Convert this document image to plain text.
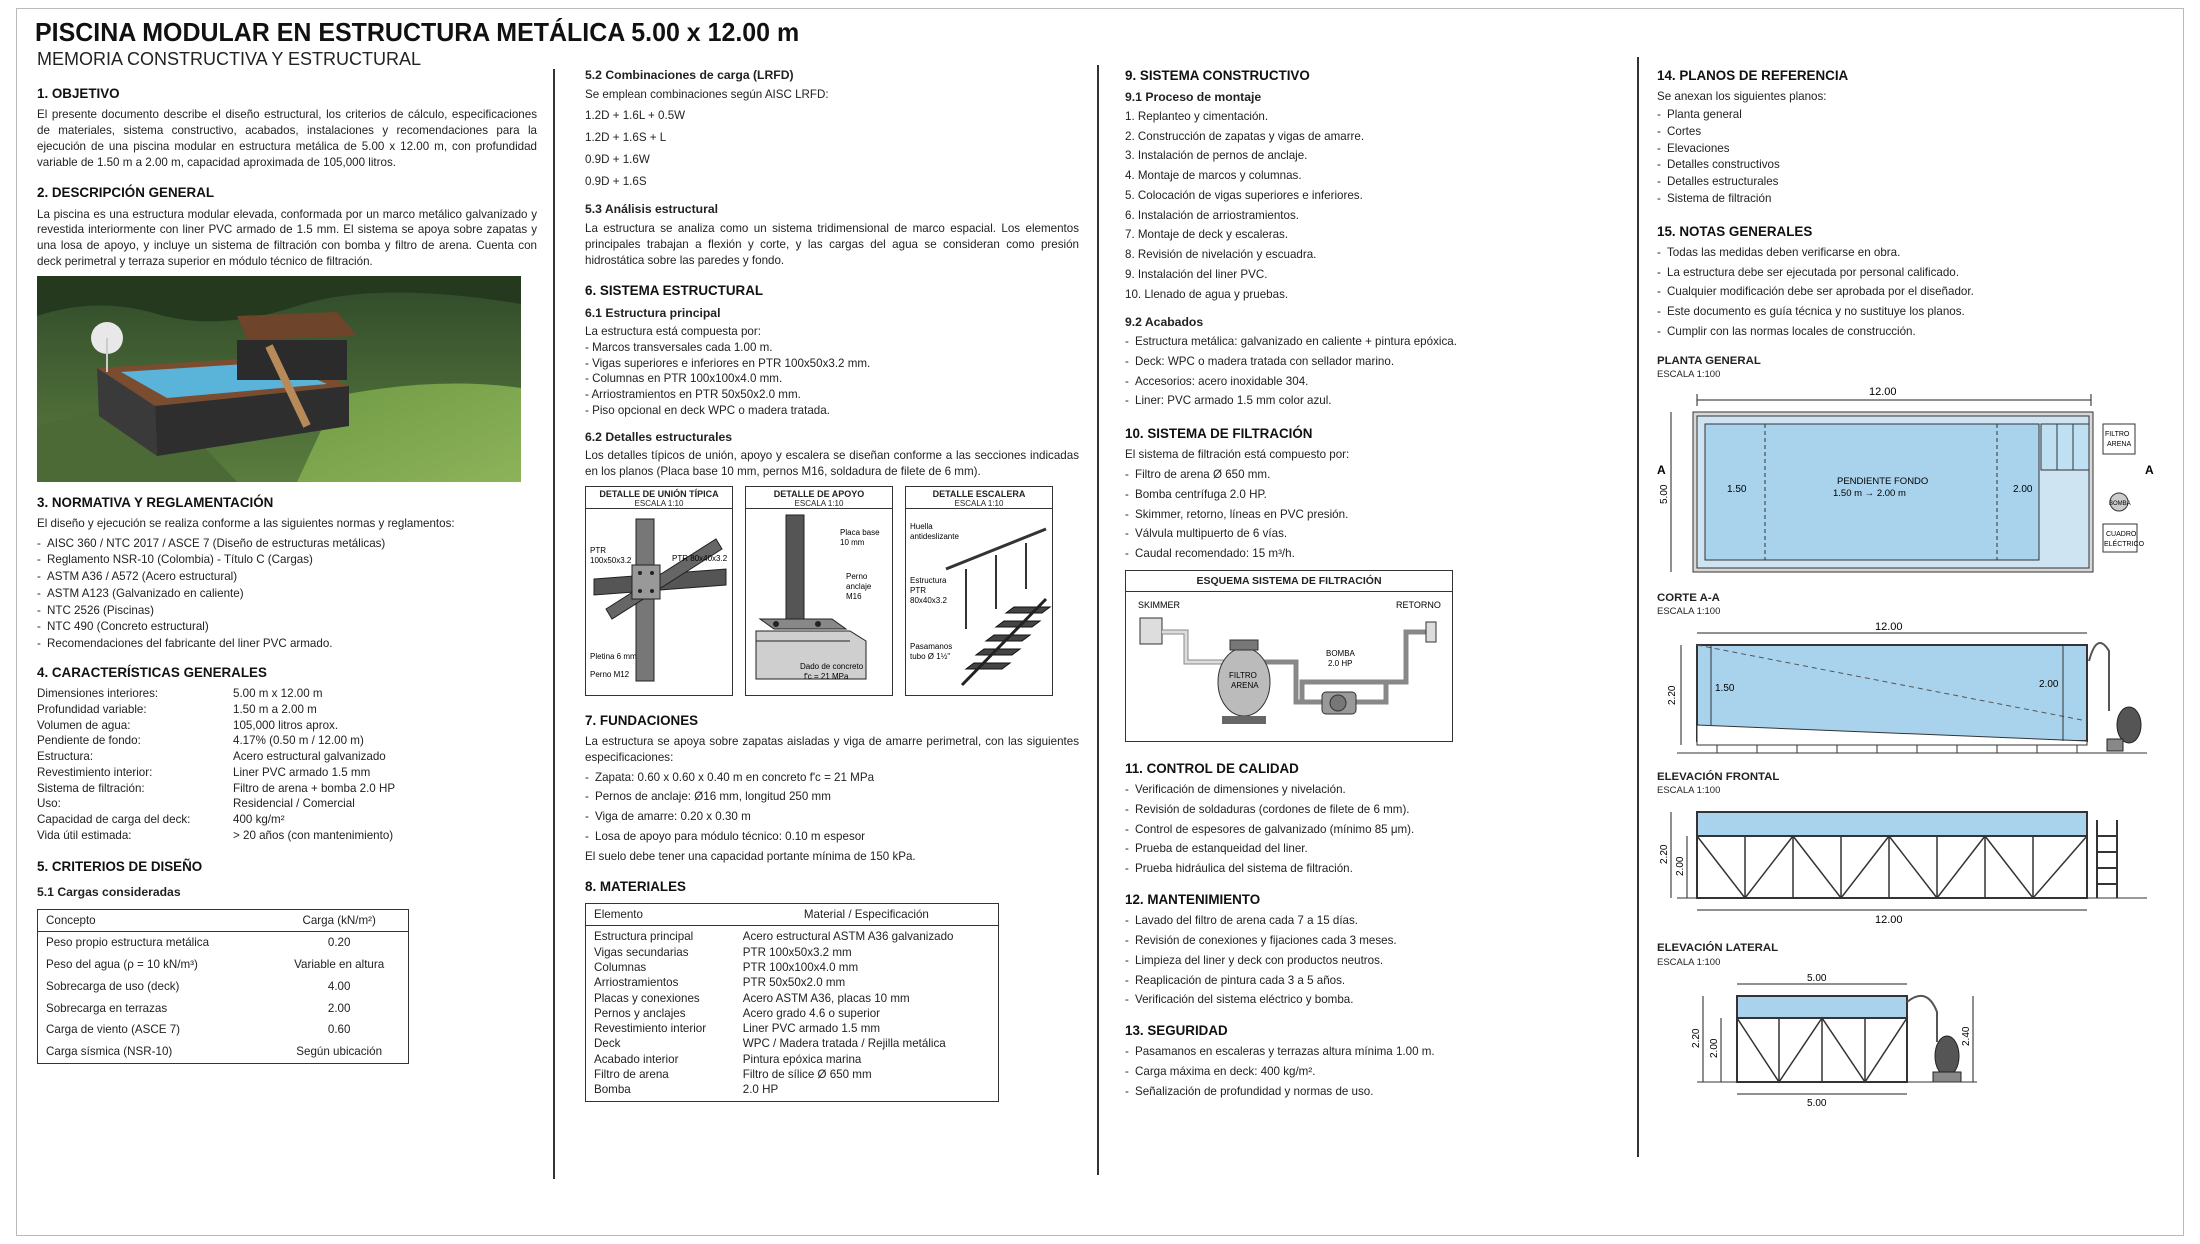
PISCINA MODULAR EN ESTRUCTURA METÁLICA 5.00 x 12.00 m
MEMORIA CONSTRUCTIVA Y ESTRUCTURAL
1. OBJETIVO

El presente documento describe el diseño estructural, los criterios de cálculo, especificaciones de materiales, sistema constructivo, acabados, instalaciones y recomendaciones para la ejecución de una piscina modular en estructura metálica de 5.00 x 12.00 m, con profundidad variable de 1.50 m a 2.00 m, capacidad aproximada de 105,000 litros.

2. DESCRIPCIÓN GENERAL

La piscina es una estructura modular elevada, conformada por un marco metálico galvanizado y revestida interiormente con liner PVC armado de 1.5 mm. El sistema se apoya sobre zapatas y una losa de apoyo, y incluye un sistema de filtración con bomba y filtro de arena. Cuenta con deck perimetral y terraza superior en módulo técnico de filtración.

3. NORMATIVA Y REGLAMENTACIÓN

El diseño y ejecución se realiza conforme a las siguientes normas y reglamentos:

- AISC 360 / NTC 2017 / ASCE 7 (Diseño de estructuras metálicas)
- Reglamento NSR-10 (Colombia) - Título C (Cargas)
- ASTM A36 / A572 (Acero estructural)
- ASTM A123 (Galvanizado en caliente)
- NTC 2526 (Piscinas)
- NTC 490 (Concreto estructural)
- Recomendaciones del fabricante del liner PVC armado.
4. CARACTERÍSTICAS GENERALES
Dimensiones interiores:	5.00 m x 12.00 m
Profundidad variable:	1.50 m a 2.00 m
Volumen de agua:	105,000 litros aprox.
Pendiente de fondo:	4.17% (0.50 m / 12.00 m)
Estructura:	Acero estructural galvanizado
Revestimiento interior:	Liner PVC armado 1.5 mm
Sistema de filtración:	Filtro de arena + bomba 2.0 HP
Uso:	Residencial / Comercial
Capacidad de carga del deck:	400 kg/m²
Vida útil estimada:	> 20 años (con mantenimiento)
5. CRITERIOS DE DISEÑO
5.1 Cargas consideradas
Concepto	Carga (kN/m²)
Peso propio estructura metálica	0.20
Peso del agua (ρ = 10 kN/m³)	Variable en altura
Sobrecarga de uso (deck)	4.00
Sobrecarga en terrazas	2.00
Carga de viento (ASCE 7)	0.60
Carga sísmica (NSR-10)	Según ubicación
5.2 Combinaciones de carga (LRFD)

Se emplean combinaciones según AISC LRFD:

1.2D + 1.6L + 0.5W
1.2D + 1.6S + L
0.9D + 1.6W
0.9D + 1.6S
5.3 Análisis estructural

La estructura se analiza como un sistema tridimensional de marco espacial. Los elementos principales trabajan a flexión y corte, y las cargas del agua se consideran como presión hidrostática sobre las paredes y fondo.

6. SISTEMA ESTRUCTURAL
6.1 Estructura principal

La estructura está compuesta por:

- Marcos transversales cada 1.00 m.
- Vigas superiores e inferiores en PTR 100x50x3.2 mm.
- Columnas en PTR 100x100x4.0 mm.
- Arriostramientos en PTR 50x50x2.0 mm.
- Piso opcional en deck WPC o madera tratada.
6.2 Detalles estructurales

Los detalles típicos de unión, apoyo y escalera se diseñan conforme a las secciones indicadas en los planos (Placa base 10 mm, pernos M16, soldadura de filete de 6 mm).

DETALLE DE UNIÓN TÍPICA
ESCALA 1:10
PTR
100x50x3.2	PTR 80x40x3.2
Pletina 6 mm
Perno M12
DETALLE DE APOYO
ESCALA 1:10
Placa base
10 mm
Perno
anclaje
M16
Dado de concreto
f'c = 21 MPa
DETALLE ESCALERA
ESCALA 1:10
Huella
antideslizante
Estructura
PTR
80x40x3.2
Pasamanos
tubo Ø 1½"
7. FUNDACIONES

La estructura se apoya sobre zapatas aisladas y viga de amarre perimetral, con las siguientes especificaciones:

- Zapata: 0.60 x 0.60 x 0.40 m en concreto f'c = 21 MPa
- Pernos de anclaje: Ø16 mm, longitud 250 mm
- Viga de amarre: 0.20 x 0.30 m
- Losa de apoyo para módulo técnico: 0.10 m espesor

El suelo debe tener una capacidad portante mínima de 150 kPa.

8. MATERIALES
Elemento	Material / Especificación
Estructura principal	Acero estructural ASTM A36 galvanizado
Vigas secundarias	PTR 100x50x3.2 mm
Columnas	PTR 100x100x4.0 mm
Arriostramientos	PTR 50x50x2.0 mm
Placas y conexiones	Acero ASTM A36, placas 10 mm
Pernos y anclajes	Acero grado 4.6 o superior
Revestimiento interior	Liner PVC armado 1.5 mm
Deck	WPC / Madera tratada / Rejilla metálica
Acabado interior	Pintura epóxica marina
Filtro de arena	Filtro de sílice Ø 650 mm
Bomba	2.0 HP
9. SISTEMA CONSTRUCTIVO
9.1 Proceso de montaje
1. Replanteo y cimentación.
2. Construcción de zapatas y vigas de amarre.
3. Instalación de pernos de anclaje.
4. Montaje de marcos y columnas.
5. Colocación de vigas superiores e inferiores.
6. Instalación de arriostramientos.
7. Montaje de deck y escaleras.
8. Revisión de nivelación y escuadra.
9. Instalación del liner PVC.
10. Llenado de agua y pruebas.
9.2 Acabados
- Estructura metálica: galvanizado en caliente + pintura epóxica.
- Deck: WPC o madera tratada con sellador marino.
- Accesorios: acero inoxidable 304.
- Liner: PVC armado 1.5 mm color azul.
10. SISTEMA DE FILTRACIÓN

El sistema de filtración está compuesto por:

- Filtro de arena Ø 650 mm.
- Bomba centrífuga 2.0 HP.
- Skimmer, retorno, líneas en PVC presión.
- Válvula multipuerto de 6 vías.
- Caudal recomendado: 15 m³/h.
ESQUEMA SISTEMA DE FILTRACIÓN
SKIMMER	RETORNO
FILTRO
ARENA
BOMBA
2.0 HP
11. CONTROL DE CALIDAD
- Verificación de dimensiones y nivelación.
- Revisión de soldaduras (cordones de filete de 6 mm).
- Control de espesores de galvanizado (mínimo 85 μm).
- Prueba de estanqueidad del liner.
- Prueba hidráulica del sistema de filtración.
12. MANTENIMIENTO
- Lavado del filtro de arena cada 7 a 15 días.
- Revisión de conexiones y fijaciones cada 3 meses.
- Limpieza del liner y deck con productos neutros.
- Reaplicación de pintura cada 3 a 5 años.
- Verificación del sistema eléctrico y bomba.
13. SEGURIDAD
- Pasamanos en escaleras y terrazas altura mínima 1.00 m.
- Carga máxima en deck: 400 kg/m².
- Señalización de profundidad y normas de uso.
14. PLANOS DE REFERENCIA

Se anexan los siguientes planos:

- Planta general
- Cortes
- Elevaciones
- Detalles constructivos
- Detalles estructurales
- Sistema de filtración
15. NOTAS GENERALES
- Todas las medidas deben verificarse en obra.
- La estructura debe ser ejecutada por personal calificado.
- Cualquier modificación debe ser aprobada por el diseñador.
- Este documento es guía técnica y no sustituye los planos.
- Cumplir con las normas locales de construcción.
PLANTA GENERAL
ESCALA 1:100
12.00
1.50	2.00
PENDIENTE FONDO
1.50 m → 2.00 m
5.00
A	A
FILTRO
ARENA
BOMBA
CUADRO
ELÉCTRICO
CORTE A-A
ESCALA 1:100
12.00
1.50	2.00
2.20
ELEVACIÓN FRONTAL
ESCALA 1:100
2.20
2.00
12.00
ELEVACIÓN LATERAL
ESCALA 1:100
5.00
2.20
2.00
2.40
5.00
